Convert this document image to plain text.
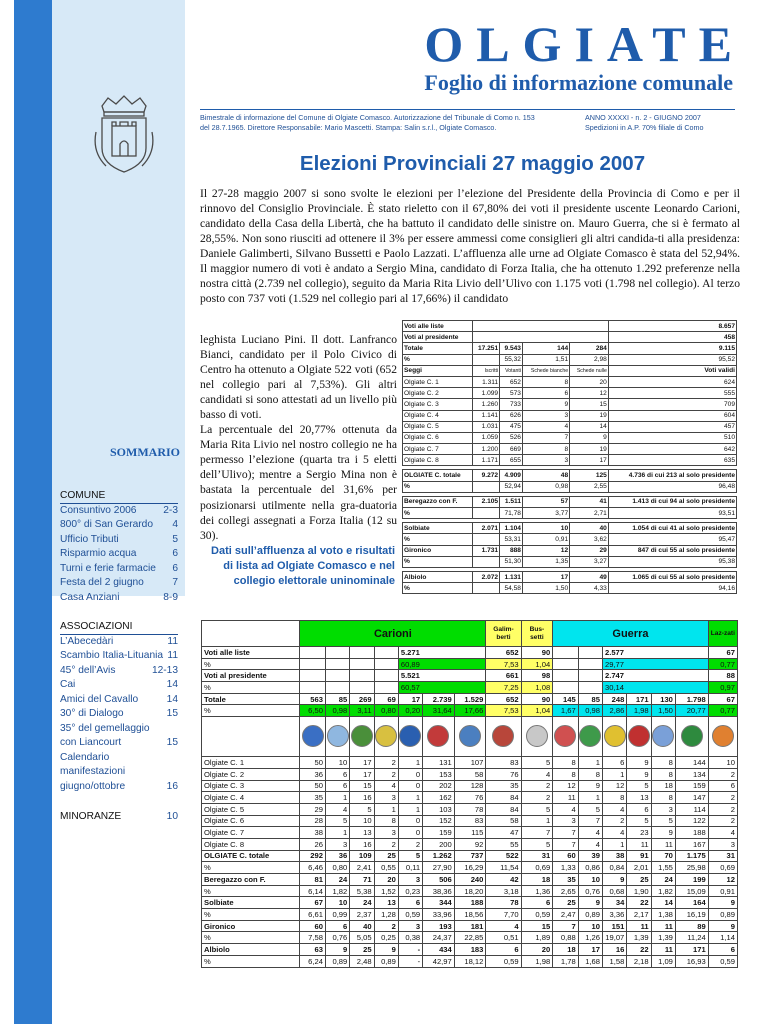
OLGIATE
Foglio di informazione comunale
Bimestrale di informazione del Comune di Olgiate Comasco. Autorizzazione del Tribunale di Como n. 153
del 28.7.1965. Direttore Responsabile: Mario Mascetti. Stampa: Salin s.r.l., Olgiate Comasco.
ANNO XXXXI - n. 2 - GIUGNO 2007
Spedizioni in A.P. 70% filiale di Como
Elezioni Provinciali 27 maggio 2007
Il 27-28 maggio 2007 si sono svolte le elezioni per l’elezione del Presidente della Provincia di Como e per il rinnovo del Consiglio Provinciale. È stato rieletto con il 67,80% dei voti il presidente uscente Leonardo Carioni, candidato della Casa della Libertà, che ha battuto il candidato delle sinistre on. Mauro Guerra, che si è fermato al 28,55%. Non sono riusciti ad ottenere il 3% per essere ammessi come consiglieri gli altri candida-ti alla presidenza: Daniele Galimberti, Silvano Bussetti e Paolo Lazzati. L’affluenza alle urne ad Olgiate Comasco è stata del 52,94%. Il maggior numero di voti è andato a Sergio Mina, candidato di Forza Italia, che ha ottenuto 1.292 preferenze nella nostra città (2.739 nel collegio), seguito da Maria Rita Livio dell’Ulivo con 1.175 voti (1.798 nel collegio). Al terzo posto con 737 voti (1.529 nel collegio pari al 17,66%) il candidato

leghista Luciano Pini. Il dott. Lanfranco Bianci, candidato per il Polo Civico di Centro ha ottenuto a Olgiate 522 voti (652 nel collegio pari al 7,53%). Gli altri candidati si sono attestati ad un livello più basso di voti.

La percentuale del 20,77% ottenuta da Maria Rita Livio nel nostro collegio ne ha permesso l’elezione (quarta tra i 5 eletti dell’Ulivo); mentre a Sergio Mina non è bastata la percentuale del 31,6% per posizionarsi utilmente nella gra-duatoria dei collegi assegnati a Forza Italia (12 su 30).

Dati sull’affluenza al voto e risultati di lista ad Olgiate Comasco e nel collegio elettorale uninominale
SOMMARIO
COMUNE
Consuntivo 2006	2-3
800° di San Gerardo 4
Ufficio Tributi	5
Risparmio acqua	6
Turni e ferie farmacie 6
Festa del 2 giugno	7
Casa Anziani	8-9
ASSOCIAZIONI
L’Abecedàri	11
Scambio Italia-Lituania 11
45° dell’Avis	12-13
Cai	14
Amici del Cavallo	14
30° di Dialogo	15
35° del gemellaggio
con Liancourt	15
Calendario
manifestazioni
giugno/ottobre	16
MINORANZE	10
Voti alle liste					8.657
Voti al presidente					458
Totale	17.251	9.543	144	284	9.115
%		55,32	1,51	2,98	95,52
Seggi	Iscritti	Votanti	Schede bianche	Schede nulle	Voti validi
Olgiate C. 1	1.311	652	8	20	624
Olgiate C. 2	1.099	573	6	12	555
Olgiate C. 3	1.260	733	9	15	709
Olgiate C. 4	1.141	626	3	19	604
Olgiate C. 5	1.031	475	4	14	457
Olgiate C. 6	1.059	526	7	9	510
Olgiate C. 7	1.200	669	8	19	642
Olgiate C. 8	1.171	655	3	17	635

OLGIATE C. totale	9.272	4.909	48	125	4.736 di cui 213 al solo presidente
%		52,94	0,98	2,55	96,48

Beregazzo con F.	2.105	1.511	57	41	1.413 di cui 94 al solo presidente
%		71,78	3,77	2,71	93,51

Solbiate	2.071	1.104	10	40	1.054 di cui 41 al solo presidente
%		53,31	0,91	3,62	95,47
Gironico	1.731	888	12	29	847 di cui 55 al solo presidente
%		51,30	1,35	3,27	95,38

Albiolo	2.072	1.131	17	49	1.065 di cui 55 al solo presidente
%		54,58	1,50	4,33	94,16
	Carioni							Galim-berti	Bus-setti	Guerra						Laz-zati
Voti alle liste					5.271			652	90			2.577				67
%					60,89			7,53	1,04			29,77				0,77
Voti al presidente					5.521			661	98			2.747				88
%					60,57			7,25	1,08			30,14				0,97
Totale	563	85	269	69	17	2.739	1.529	652	90	145	85	248	171	130	1.798	67
%	6,50	0,98	3,11	0,80	0,20	31,64	17,66	7,53	1,04	1,67	0,98	2,86	1,98	1,50	20,77	0,77

Olgiate C. 1	50	10	17	2	1	131	107	83	5	8	1	6	9	8	144	10
Olgiate C. 2	36	6	17	2	0	153	58	76	4	8	8	1	9	8	134	2
Olgiate C. 3	50	6	15	4	0	202	128	35	2	12	9	12	5	18	159	6
Olgiate C. 4	35	1	16	3	1	162	76	84	2	11	1	8	13	8	147	2
Olgiate C. 5	29	4	5	1	1	103	78	84	5	4	5	4	6	3	114	2
Olgiate C. 6	28	5	10	8	0	152	83	58	1	3	7	2	5	5	122	2
Olgiate C. 7	38	1	13	3	0	159	115	47	7	7	4	4	23	9	188	4
Olgiate C. 8	26	3	16	2	2	200	92	55	5	7	4	1	11	11	167	3
OLGIATE C. totale	292	36	109	25	5	1.262	737	522	31	60	39	38	91	70	1.175	31
%	6,46	0,80	2,41	0,55	0,11	27,90	16,29	11,54	0,69	1,33	0,86	0,84	2,01	1,55	25,98	0,69
Beregazzo con F.	81	24	71	20	3	506	240	42	18	35	10	9	25	24	199	12
%	6,14	1,82	5,38	1,52	0,23	38,36	18,20	3,18	1,36	2,65	0,76	0,68	1,90	1,82	15,09	0,91
Solbiate	67	10	24	13	6	344	188	78	6	25	9	34	22	14	164	9
%	6,61	0,99	2,37	1,28	0,59	33,96	18,56	7,70	0,59	2,47	0,89	3,36	2,17	1,38	16,19	0,89
Gironico	60	6	40	2	3	193	181	4	15	7	10	151	11	11	89	9
%	7,58	0,76	5,05	0,25	0,38	24,37	22,85	0,51	1,89	0,88	1,26	19,07	1,39	1,39	11,24	1,14
Albiolo	63	9	25	9	-	434	183	6	20	18	17	16	22	11	171	6
%	6,24	0,89	2,48	0,89	-	42,97	18,12	0,59	1,98	1,78	1,68	1,58	2,18	1,09	16,93	0,59
